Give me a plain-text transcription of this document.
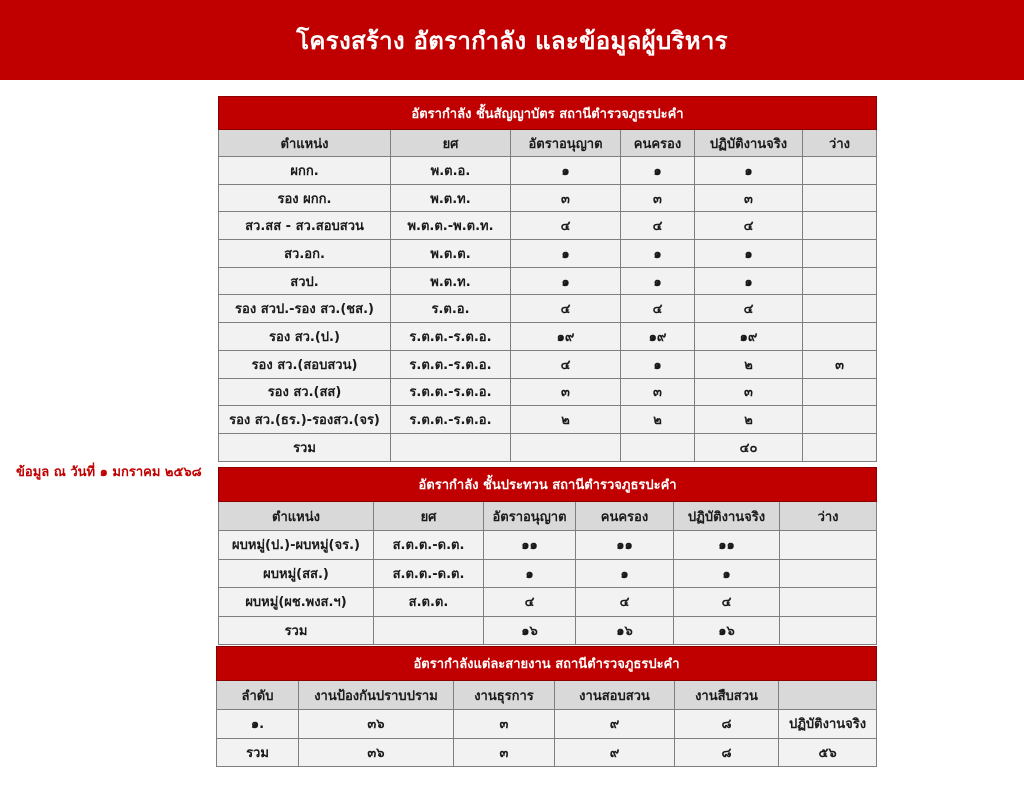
โครงสร้าง อัตรากำลัง และข้อมูลผู้บริหาร
ข้อมูล ณ วันที่ ๑ มกราคม ๒๕๖๘
อัตรากำลัง ชั้นสัญญาบัตร สถานีตำรวจภูธรปะคำ					
ตำแหน่ง	ยศ	อัตราอนุญาต	คนครอง	ปฏิบัติงานจริง	ว่าง
ผกก.	พ.ต.อ.	๑	๑	๑	
รอง ผกก.	พ.ต.ท.	๓	๓	๓	
สว.สส - สว.สอบสวน	พ.ต.ต.-พ.ต.ท.	๔	๔	๔	
สว.อก.	พ.ต.ต.	๑	๑	๑	
สวป.	พ.ต.ท.	๑	๑	๑	
รอง สวป.-รอง สว.(ชส.)	ร.ต.อ.	๔	๔	๔	
รอง สว.(ป.)	ร.ต.ต.-ร.ต.อ.	๑๙	๑๙	๑๙	
รอง สว.(สอบสวน)	ร.ต.ต.-ร.ต.อ.	๔	๑	๒	๓
รอง สว.(สส)	ร.ต.ต.-ร.ต.อ.	๓	๓	๓	
รอง สว.(ธร.)-รองสว.(จร)	ร.ต.ต.-ร.ต.อ.	๒	๒	๒	
รวม				๔๐	
อัตรากำลัง ชั้นประทวน สถานีตำรวจภูธรปะคำ					
ตำแหน่ง	ยศ	อัตราอนุญาต	คนครอง	ปฏิบัติงานจริง	ว่าง
ผบหมู่(ป.)-ผบหมู่(จร.)	ส.ต.ต.-ด.ต.	๑๑	๑๑	๑๑	
ผบหมู่(สส.)	ส.ต.ต.-ด.ต.	๑	๑	๑	
ผบหมู่(ผช.พงส.ฯ)	ส.ต.ต.	๔	๔	๔	
รวม		๑๖	๑๖	๑๖	
อัตรากำลังแต่ละสายงาน สถานีตำรวจภูธรปะคำ					
ลำดับ	งานป้องกันปราบปราม	งานธุรการ	งานสอบสวน	งานสืบสวน	
๑.	๓๖	๓	๙	๘	ปฏิบัติงานจริง
รวม	๓๖	๓	๙	๘	๕๖
